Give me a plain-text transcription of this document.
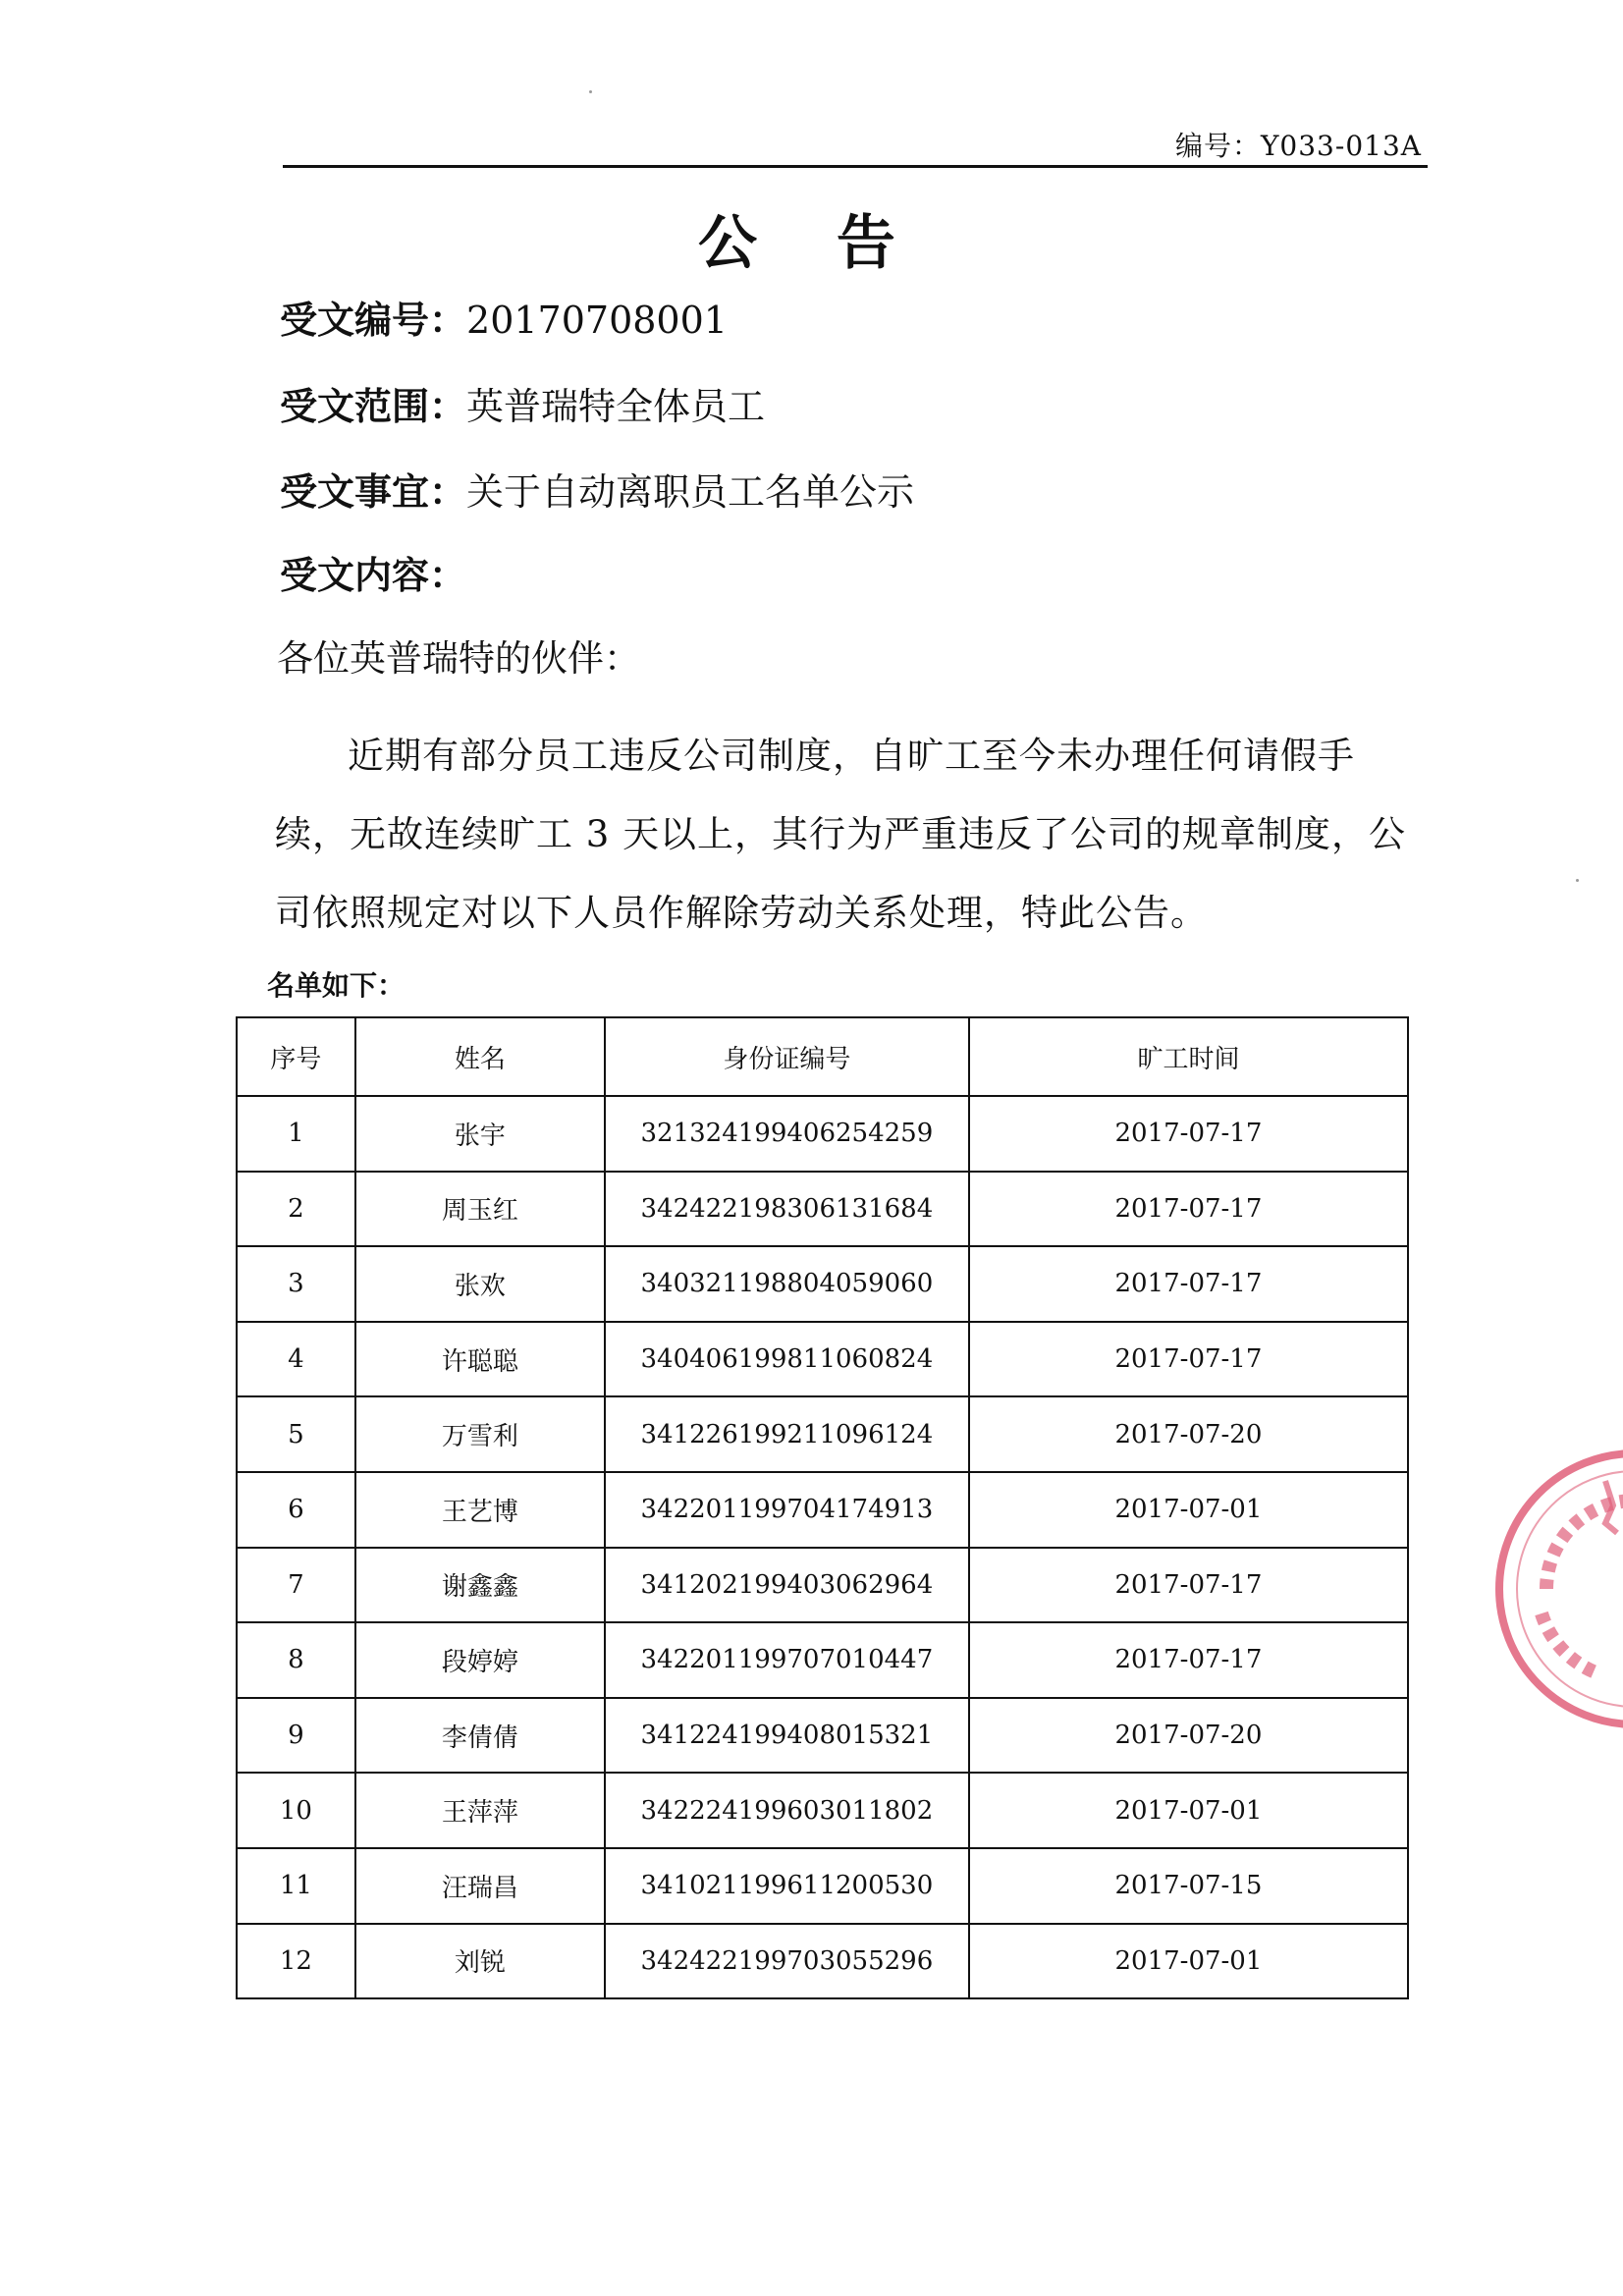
编号：Y033-013A
公 告
受文编号：20170708001
受文范围：英普瑞特全体员工
受文事宜：关于自动离职员工名单公示
受文内容：
各位英普瑞特的伙伴：
近期有部分员工违反公司制度，自旷工至今未办理任何请假手续，无故连续旷工 3 天以上，其行为严重违反了公司的规章制度，公司依照规定对以下人员作解除劳动关系处理，特此公告。
名单如下：
序号	姓名	身份证编号	旷工时间
1	张宇	321324199406254259	2017-07-17
2	周玉红	342422198306131684	2017-07-17
3	张欢	340321198804059060	2017-07-17
4	许聪聪	340406199811060824	2017-07-17
5	万雪利	341226199211096124	2017-07-20
6	王艺博	342201199704174913	2017-07-01
7	谢鑫鑫	341202199403062964	2017-07-17
8	段婷婷	342201199707010447	2017-07-17
9	李倩倩	341224199408015321	2017-07-20
10	王萍萍	342224199603011802	2017-07-01
11	汪瑞昌	341021199611200530	2017-07-15
12	刘锐	342422199703055296	2017-07-01
